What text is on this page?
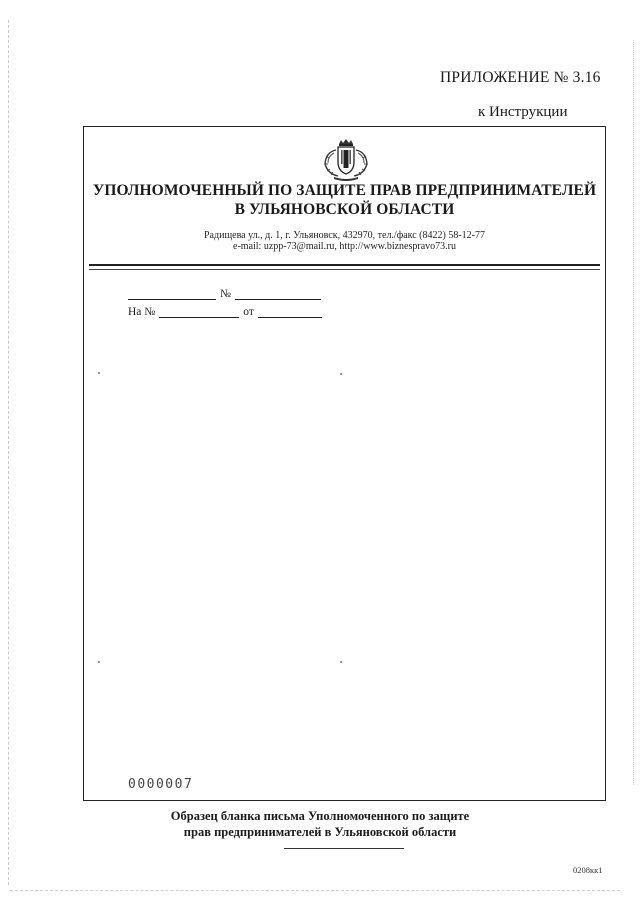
ПРИЛОЖЕНИЕ № 3.16
к Инструкции
УПОЛНОМОЧЕННЫЙ ПО ЗАЩИТЕ ПРАВ ПРЕДПРИНИМАТЕЛЕЙ
В УЛЬЯНОВСКОЙ ОБЛАСТИ
Радищева ул., д. 1, г. Ульяновск, 432970, тел./факс (8422) 58-12-77
e-mail: uzpp-73@mail.ru, http://www.biznespravo73.ru
№
На №	от
0000007
Образец бланка письма Уполномоченного по защите
прав предпринимателей в Ульяновской области
0208кк1
